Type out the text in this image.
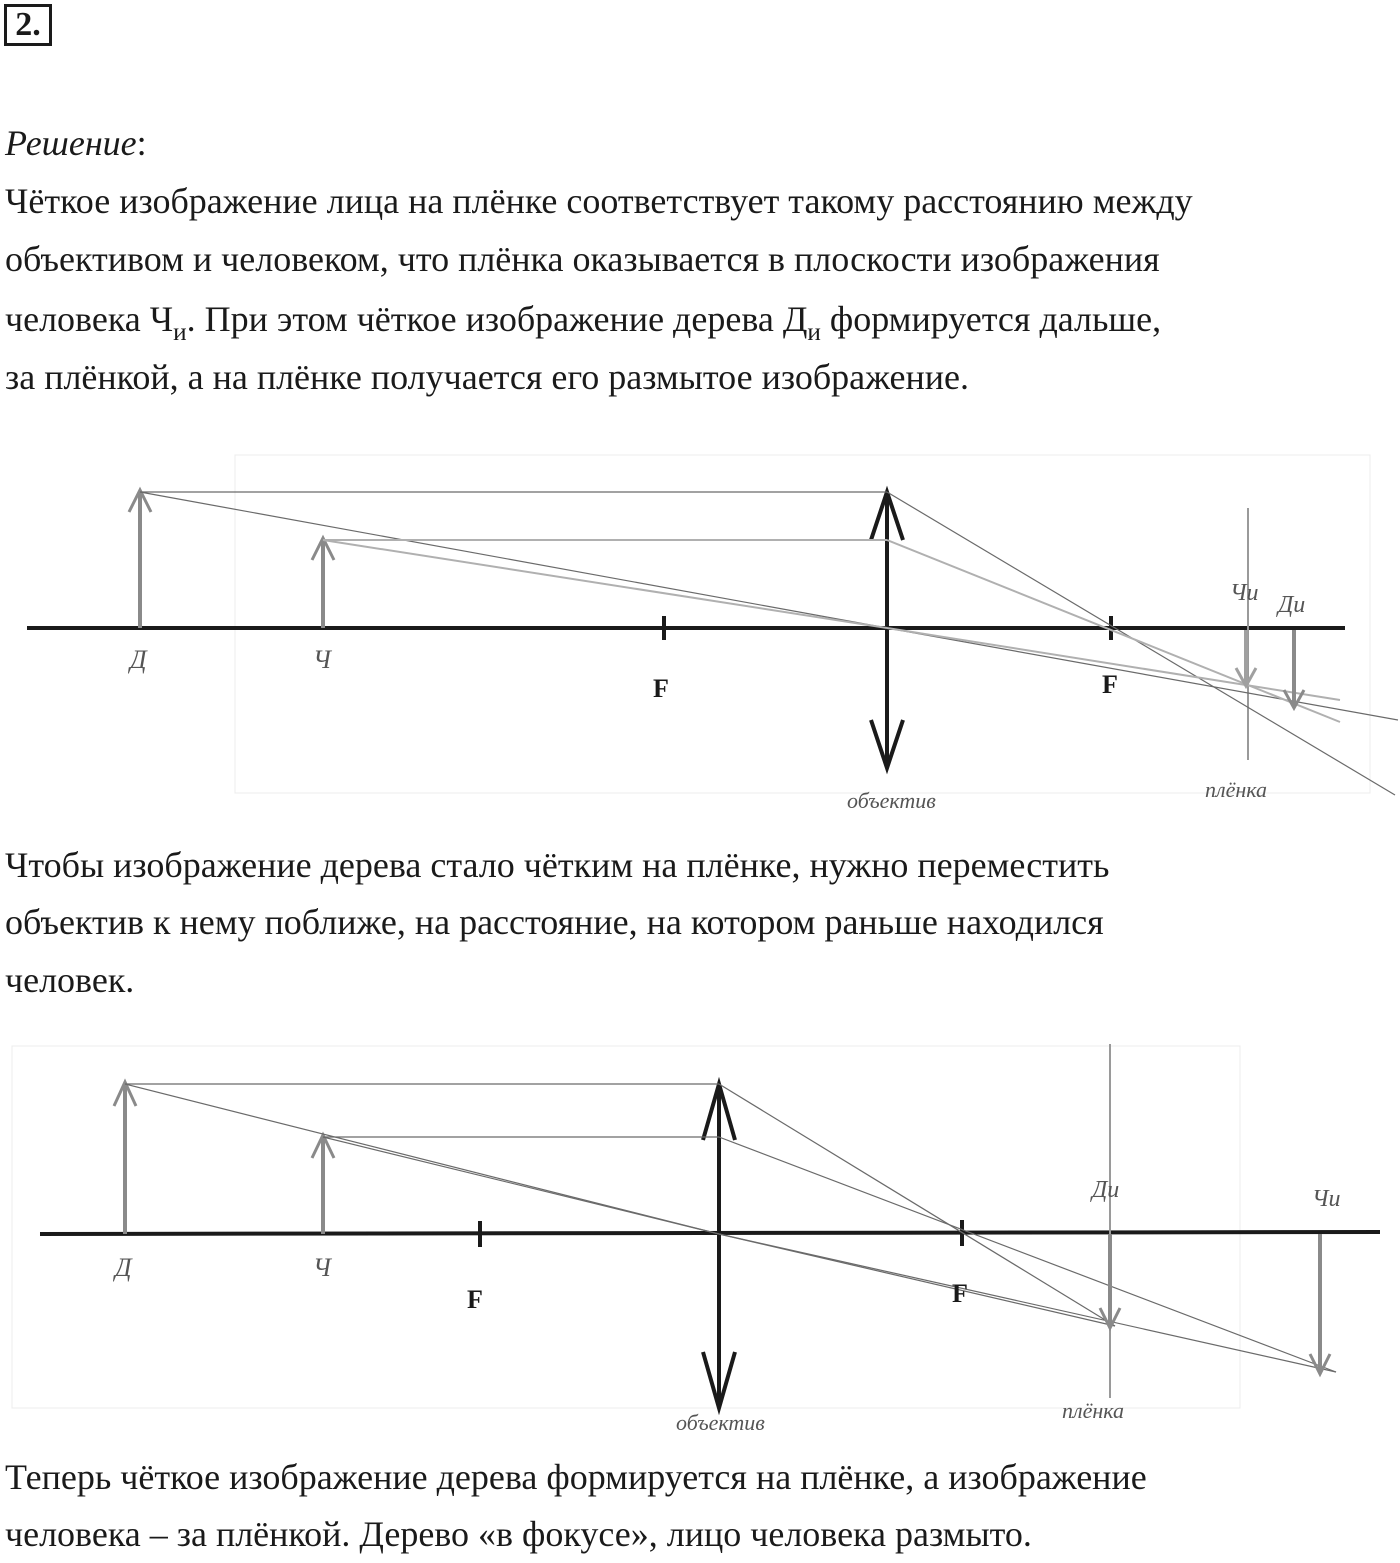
2.

Решение:

Чёткое изображение лица на плёнке соответствует такому расстоянию между

объективом и человеком, что плёнка оказывается в плоскости изображения

человека $Ч_и$. При этом чёткое изображение дерева $Д_и$ формируется дальше,

за плёнкой, а на плёнке получается его размытое изображение.

Д	Ч
F	F
Чи Ди
объектив	плёнка

Чтобы изображение дерева стало чётким на плёнке, нужно переместить

объектив к нему поближе, на расстояние, на котором раньше находился

человек.

Д	Ч
F	F
Ди	Чи
объектив	плёнка

Теперь чёткое изображение дерева формируется на плёнке, а изображение

человека – за плёнкой. Дерево «в фокусе», лицо человека размыто.
